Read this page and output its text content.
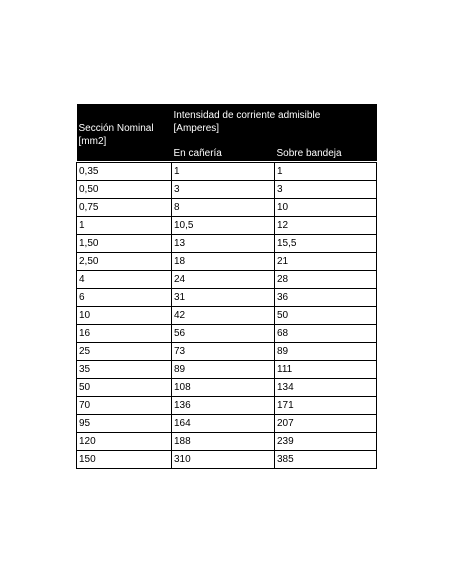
Sección Nominal
[mm2]	Intensidad de corriente admisible
[Amperes]	
	En cañería	Sobre bandeja

0,35	1	1
0,50	3	3
0,75	8	10
1	10,5	12
1,50	13	15,5
2,50	18	21
4	24	28
6	31	36
10	42	50
16	56	68
25	73	89
35	89	111
50	108	134
70	136	171
95	164	207
120	188	239
150	310	385
